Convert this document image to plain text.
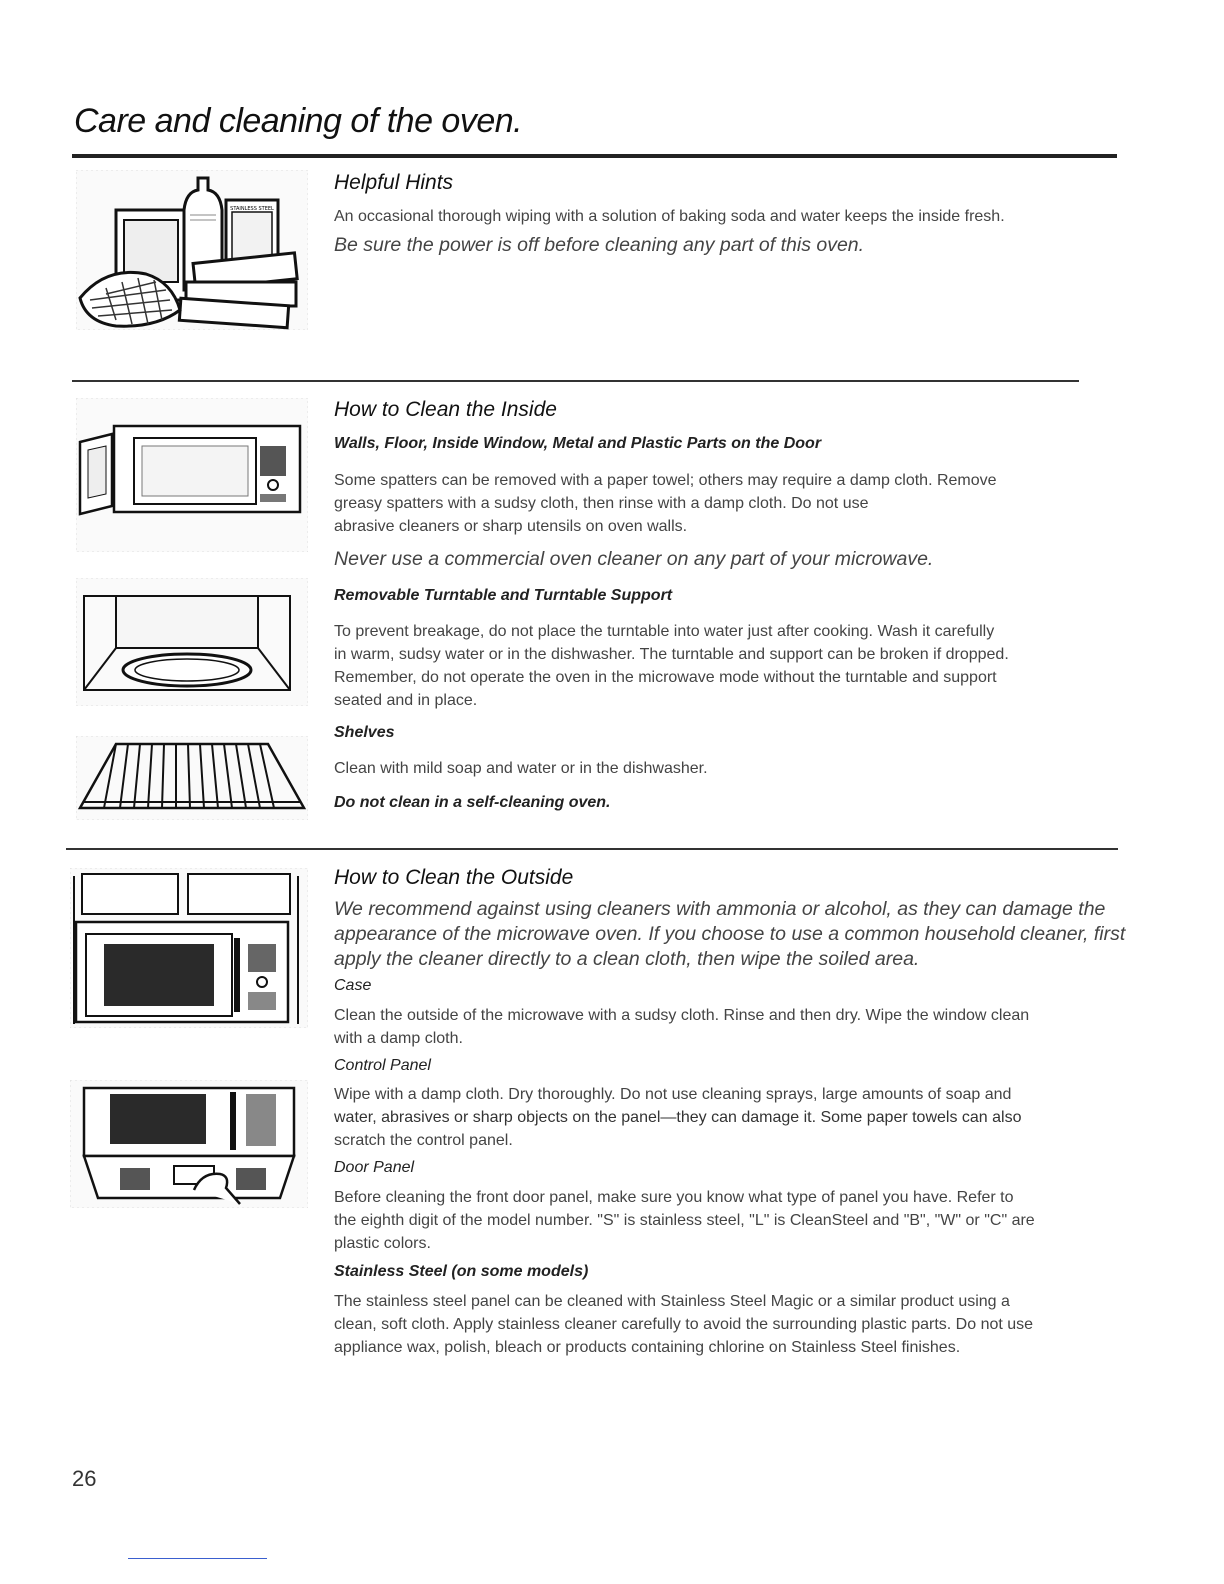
Care and cleaning of the oven.
STAINLESS STEEL
Helpful Hints

An occasional thorough wiping with a solution of baking soda and water keeps the inside fresh.

Be sure the power is off before cleaning any part of this oven.

How to Clean the Inside
Walls, Floor, Inside Window, Metal and Plastic Parts on the Door

Some spatters can be removed with a paper towel; others may require a damp cloth. Remove

greasy spatters with a sudsy cloth, then rinse with a damp cloth. Do not use

abrasive cleaners or sharp utensils on oven walls.

Never use a commercial oven cleaner on any part of your microwave.

Removable Turntable and Turntable Support

To prevent breakage, do not place the turntable into water just after cooking. Wash it carefully

in warm, sudsy water or in the dishwasher. The turntable and support can be broken if dropped.

Remember, do not operate the oven in the microwave mode without the turntable and support

seated and in place.

Shelves

Clean with mild soap and water or in the dishwasher.

Do not clean in a self-cleaning oven.

How to Clean the Outside

We recommend against using cleaners with ammonia or alcohol, as they can damage the

appearance of the microwave oven. If you choose to use a common household cleaner, first

apply the cleaner directly to a clean cloth, then wipe the soiled area.

Case

Clean the outside of the microwave with a sudsy cloth. Rinse and then dry. Wipe the window clean

with a damp cloth.

Control Panel

Wipe with a damp cloth. Dry thoroughly. Do not use cleaning sprays, large amounts of soap and

water, abrasives or sharp objects on the panel—they can damage it. Some paper towels can also

scratch the control panel.

Door Panel

Before cleaning the front door panel, make sure you know what type of panel you have. Refer to

the eighth digit of the model number. "S" is stainless steel, "L" is CleanSteel and "B", "W" or "C" are

plastic colors.

Stainless Steel (on some models)

The stainless steel panel can be cleaned with Stainless Steel Magic or a similar product using a

clean, soft cloth. Apply stainless cleaner carefully to avoid the surrounding plastic parts. Do not use

appliance wax, polish, bleach or products containing chlorine on Stainless Steel finishes.

26
